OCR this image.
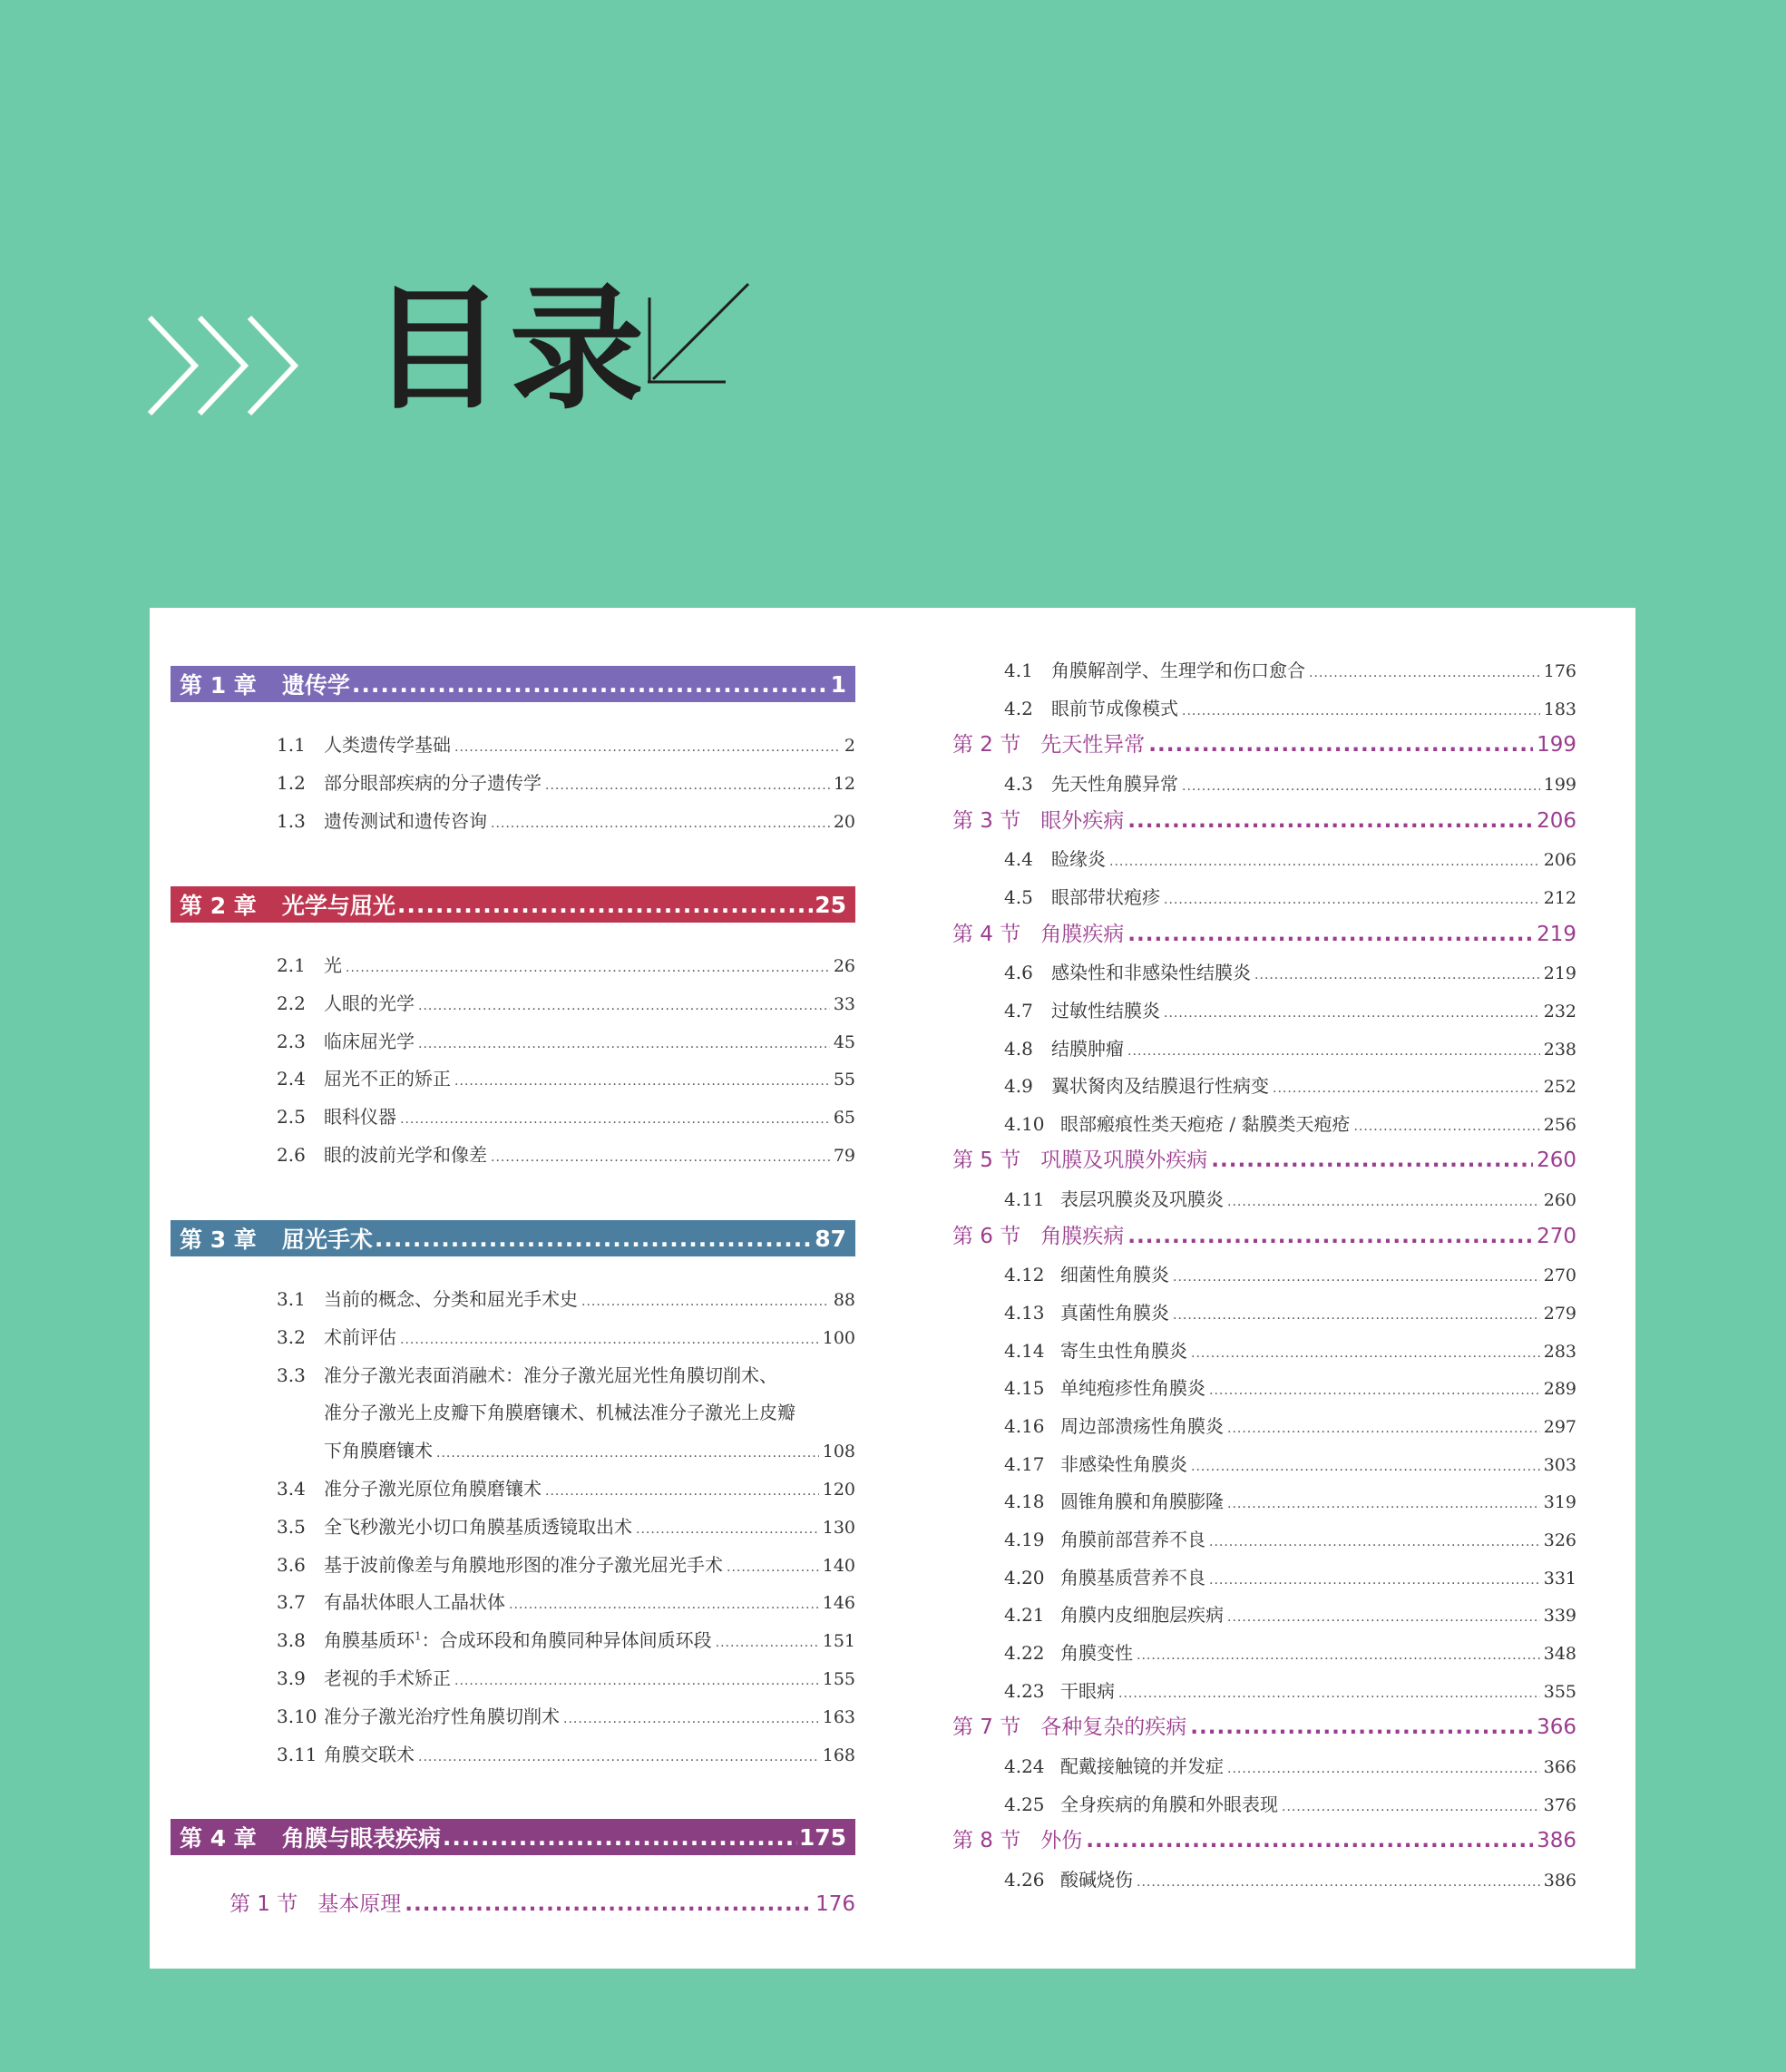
目录
第 1 章 遗传学 .....	1
1.1	人类遗传学基础 .....	2
1.2	部分眼部疾病的分子遗传学 .....	12
1.3	遗传测试和遗传咨询 .....	20
第 2 章 光学与屈光 .....	25
2.1	光 .....	26
2.2	人眼的光学 .....	33
2.3	临床屈光学 .....	45
2.4	屈光不正的矫正 .....	55
2.5	眼科仪器 .....	65
2.6	眼的波前光学和像差 .....	79
第 3 章 屈光手术 .....	87
3.1	当前的概念、分类和屈光手术史 .....	88
3.2	术前评估 .....	100
3.3	准分子激光表面消融术：准分子激光屈光性角膜切削术、
准分子激光上皮瓣下角膜磨镶术、机械法准分子激光上皮瓣
下角膜磨镶术 .....	108
3.4	准分子激光原位角膜磨镶术 .....	120
3.5	全飞秒激光小切口角膜基质透镜取出术 .....	130
3.6	基于波前像差与角膜地形图的准分子激光屈光手术 .....	140
3.7	有晶状体眼人工晶状体 .....	146
3.8	角膜基质环$^1$：合成环段和角膜同种异体间质环段 .....	151
3.9	老视的手术矫正 .....	155
3.10 准分子激光治疗性角膜切削术 .....	163
3.11 角膜交联术 .....	168
第 4 章 角膜与眼表疾病 .....	175
第 1 节 基本原理 .....	176
4.1	角膜解剖学、生理学和伤口愈合 .....	176
4.2	眼前节成像模式 .....	183
第 2 节 先天性异常 .....	199
4.3	先天性角膜异常 .....	199
第 3 节 眼外疾病 .....	206
4.4	睑缘炎 .....	206
4.5	眼部带状疱疹 .....	212
第 4 节 角膜疾病 .....	219
4.6	感染性和非感染性结膜炎 .....	219
4.7	过敏性结膜炎 .....	232
4.8	结膜肿瘤 .....	238
4.9	翼状胬肉及结膜退行性病变 .....	252
4.10 眼部瘢痕性类天疱疮 / 黏膜类天疱疮 .....	256
第 5 节 巩膜及巩膜外疾病 .....	260
4.11 表层巩膜炎及巩膜炎 .....	260
第 6 节 角膜疾病 .....	270
4.12 细菌性角膜炎 .....	270
4.13 真菌性角膜炎 .....	279
4.14 寄生虫性角膜炎 .....	283
4.15 单纯疱疹性角膜炎 .....	289
4.16 周边部溃疡性角膜炎 .....	297
4.17 非感染性角膜炎 .....	303
4.18 圆锥角膜和角膜膨隆 .....	319
4.19 角膜前部营养不良 .....	326
4.20 角膜基质营养不良 .....	331
4.21 角膜内皮细胞层疾病 .....	339
4.22 角膜变性 .....	348
4.23 干眼病 .....	355
第 7 节 各种复杂的疾病 .....	366
4.24 配戴接触镜的并发症 .....	366
4.25 全身疾病的角膜和外眼表现 .....	376
第 8 节 外伤 .....	386
4.26 酸碱烧伤 .....	386
